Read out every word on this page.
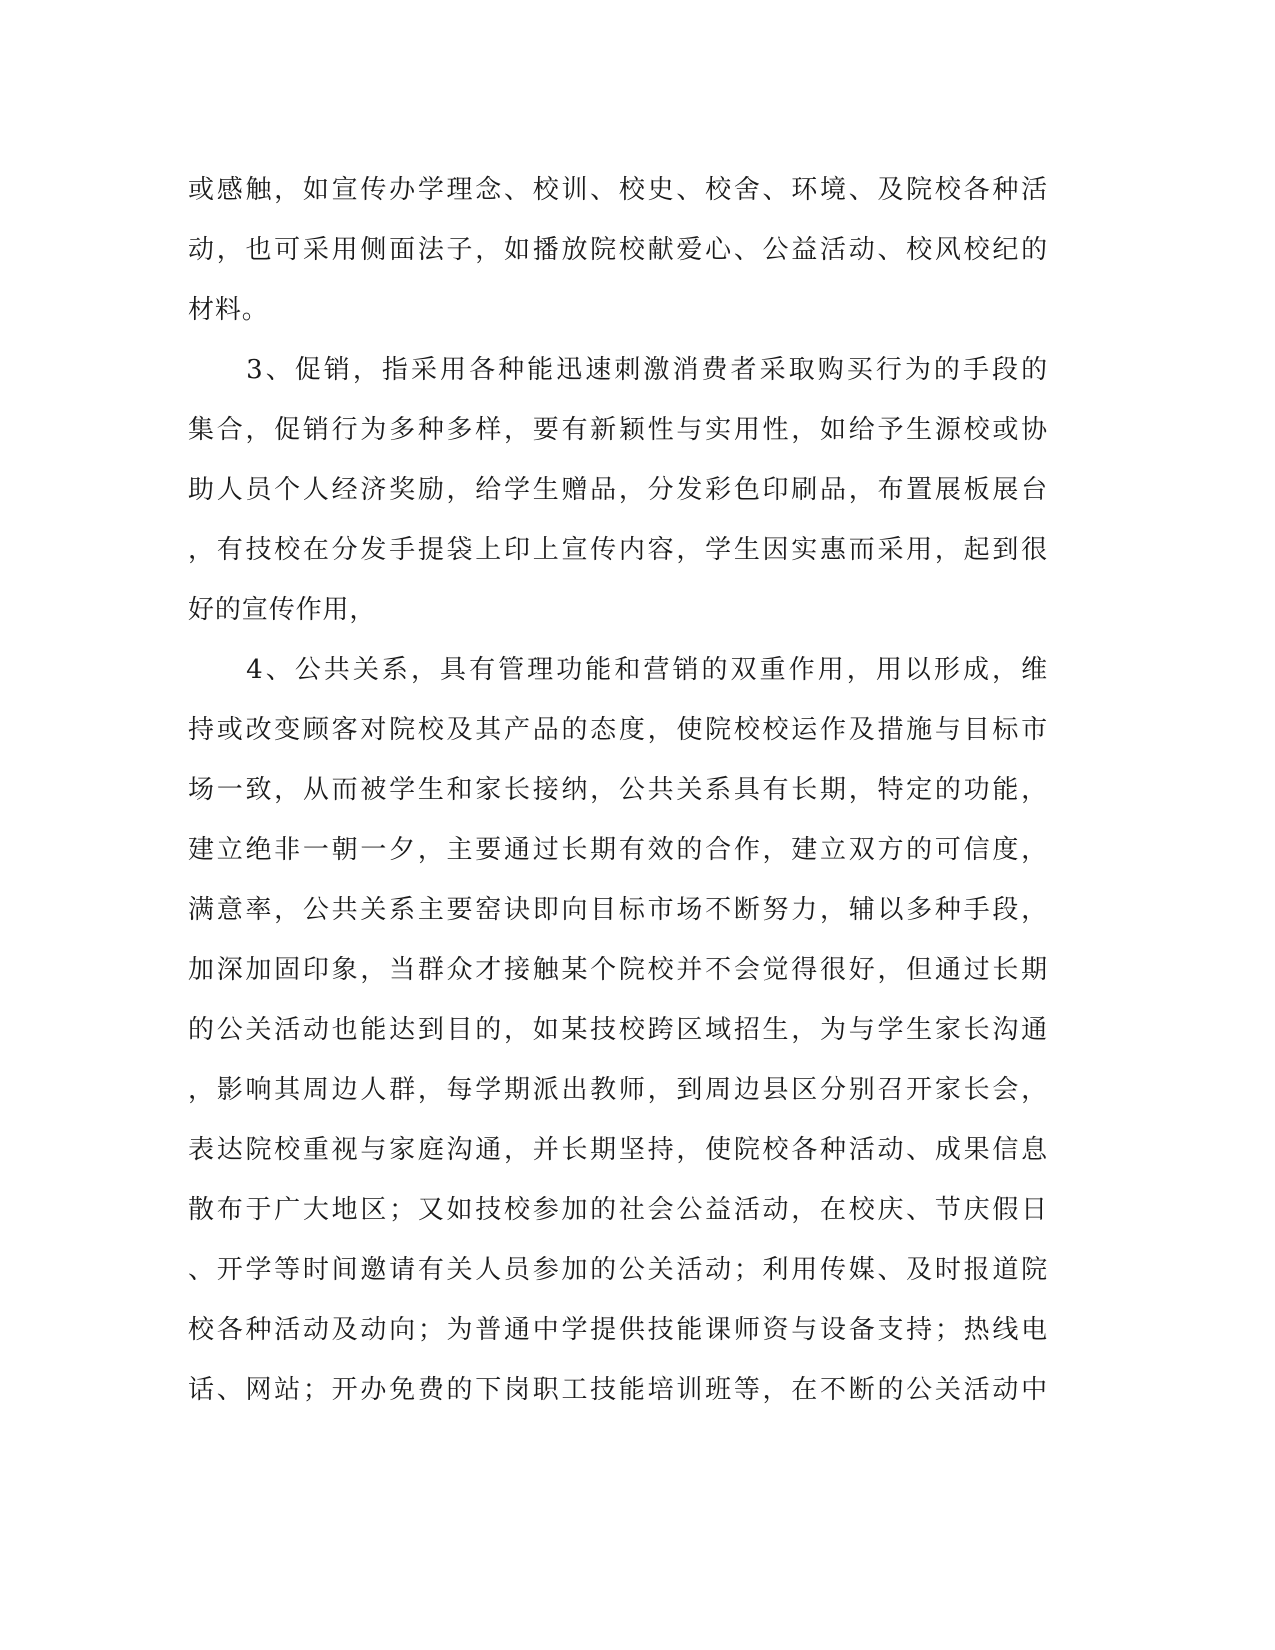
或感触，如宣传办学理念、校训、校史、校舍、环境、及院校各种活
动，也可采用侧面法子，如播放院校献爱心、公益活动、校风校纪的
材料。
　　3、促销，指采用各种能迅速刺激消费者采取购买行为的手段的
集合，促销行为多种多样，要有新颖性与实用性，如给予生源校或协
助人员个人经济奖励，给学生赠品，分发彩色印刷品，布置展板展台
，有技校在分发手提袋上印上宣传内容，学生因实惠而采用，起到很
好的宣传作用，
　　4、公共关系，具有管理功能和营销的双重作用，用以形成，维
持或改变顾客对院校及其产品的态度，使院校校运作及措施与目标市
场一致，从而被学生和家长接纳，公共关系具有长期，特定的功能，
建立绝非一朝一夕，主要通过长期有效的合作，建立双方的可信度，
满意率，公共关系主要窑诀即向目标市场不断努力，辅以多种手段，
加深加固印象，当群众才接触某个院校并不会觉得很好，但通过长期
的公关活动也能达到目的，如某技校跨区域招生，为与学生家长沟通
，影响其周边人群，每学期派出教师，到周边县区分别召开家长会，
表达院校重视与家庭沟通，并长期坚持，使院校各种活动、成果信息
散布于广大地区；又如技校参加的社会公益活动，在校庆、节庆假日
、开学等时间邀请有关人员参加的公关活动；利用传媒、及时报道院
校各种活动及动向；为普通中学提供技能课师资与设备支持；热线电
话、网站；开办免费的下岗职工技能培训班等，在不断的公关活动中
